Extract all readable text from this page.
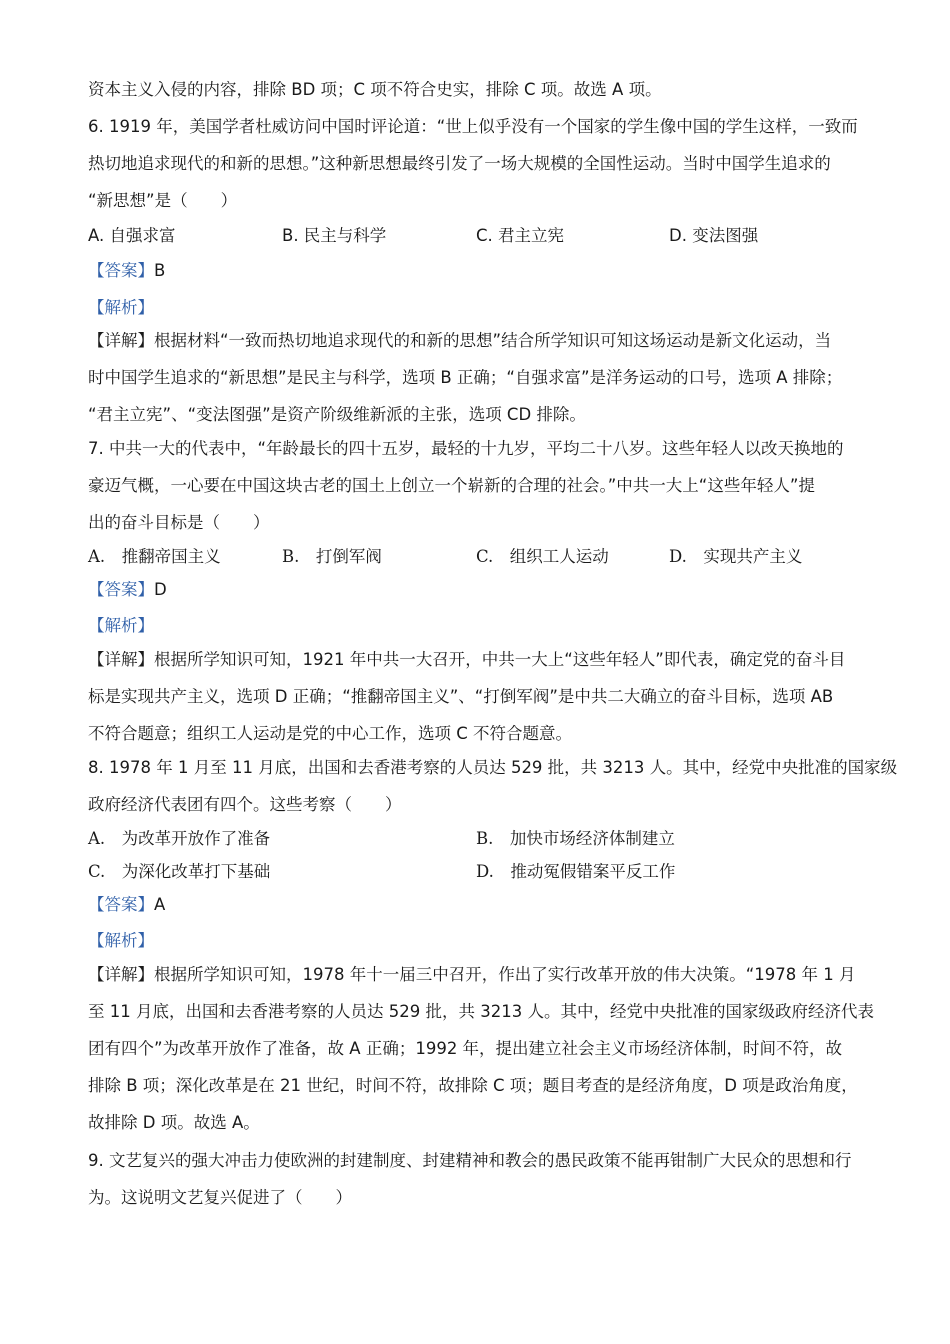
资本主义入侵的内容，排除 BD 项；C 项不符合史实，排除 C 项。故选 A 项。
6. 1919 年，美国学者杜威访问中国时评论道：“世上似乎没有一个国家的学生像中国的学生这样，一致而
热切地追求现代的和新的思想。”这种新思想最终引发了一场大规模的全国性运动。当时中国学生追求的
“新思想”是（　　）
A. 自强求富	B. 民主与科学	C. 君主立宪	D. 变法图强
【答案】B
【解析】
【详解】根据材料“一致而热切地追求现代的和新的思想”结合所学知识可知这场运动是新文化运动，当
时中国学生追求的“新思想”是民主与科学，选项 B 正确；“自强求富”是洋务运动的口号，选项 A 排除；
“君主立宪”、“变法图强”是资产阶级维新派的主张，选项 CD 排除。
7. 中共一大的代表中，“年龄最长的四十五岁，最轻的十九岁，平均二十八岁。这些年轻人以改天换地的
豪迈气概，一心要在中国这块古老的国土上创立一个崭新的合理的社会。”中共一大上“这些年轻人”提
出的奋斗目标是（　　）
A.　推翻帝国主义	B.　打倒军阀	C.　组织工人运动	D.　实现共产主义
【答案】D
【解析】
【详解】根据所学知识可知，1921 年中共一大召开，中共一大上“这些年轻人”即代表，确定党的奋斗目
标是实现共产主义，选项 D 正确；“推翻帝国主义”、“打倒军阀”是中共二大确立的奋斗目标，选项 AB
不符合题意；组织工人运动是党的中心工作，选项 C 不符合题意。
8. 1978 年 1 月至 11 月底，出国和去香港考察的人员达 529 批，共 3213 人。其中，经党中央批准的国家级
政府经济代表团有四个。这些考察（　　）
A.　为改革开放作了准备	B.　加快市场经济体制建立
C.　为深化改革打下基础	D.　推动冤假错案平反工作
【答案】A
【解析】
【详解】根据所学知识可知，1978 年十一届三中召开，作出了实行改革开放的伟大决策。“1978 年 1 月
至 11 月底，出国和去香港考察的人员达 529 批，共 3213 人。其中，经党中央批准的国家级政府经济代表
团有四个”为改革开放作了准备，故 A 正确；1992 年，提出建立社会主义市场经济体制，时间不符，故
排除 B 项；深化改革是在 21 世纪，时间不符，故排除 C 项；题目考查的是经济角度，D 项是政治角度，
故排除 D 项。故选 A。
9. 文艺复兴的强大冲击力使欧洲的封建制度、封建精神和教会的愚民政策不能再钳制广大民众的思想和行
为。这说明文艺复兴促进了（　　）
